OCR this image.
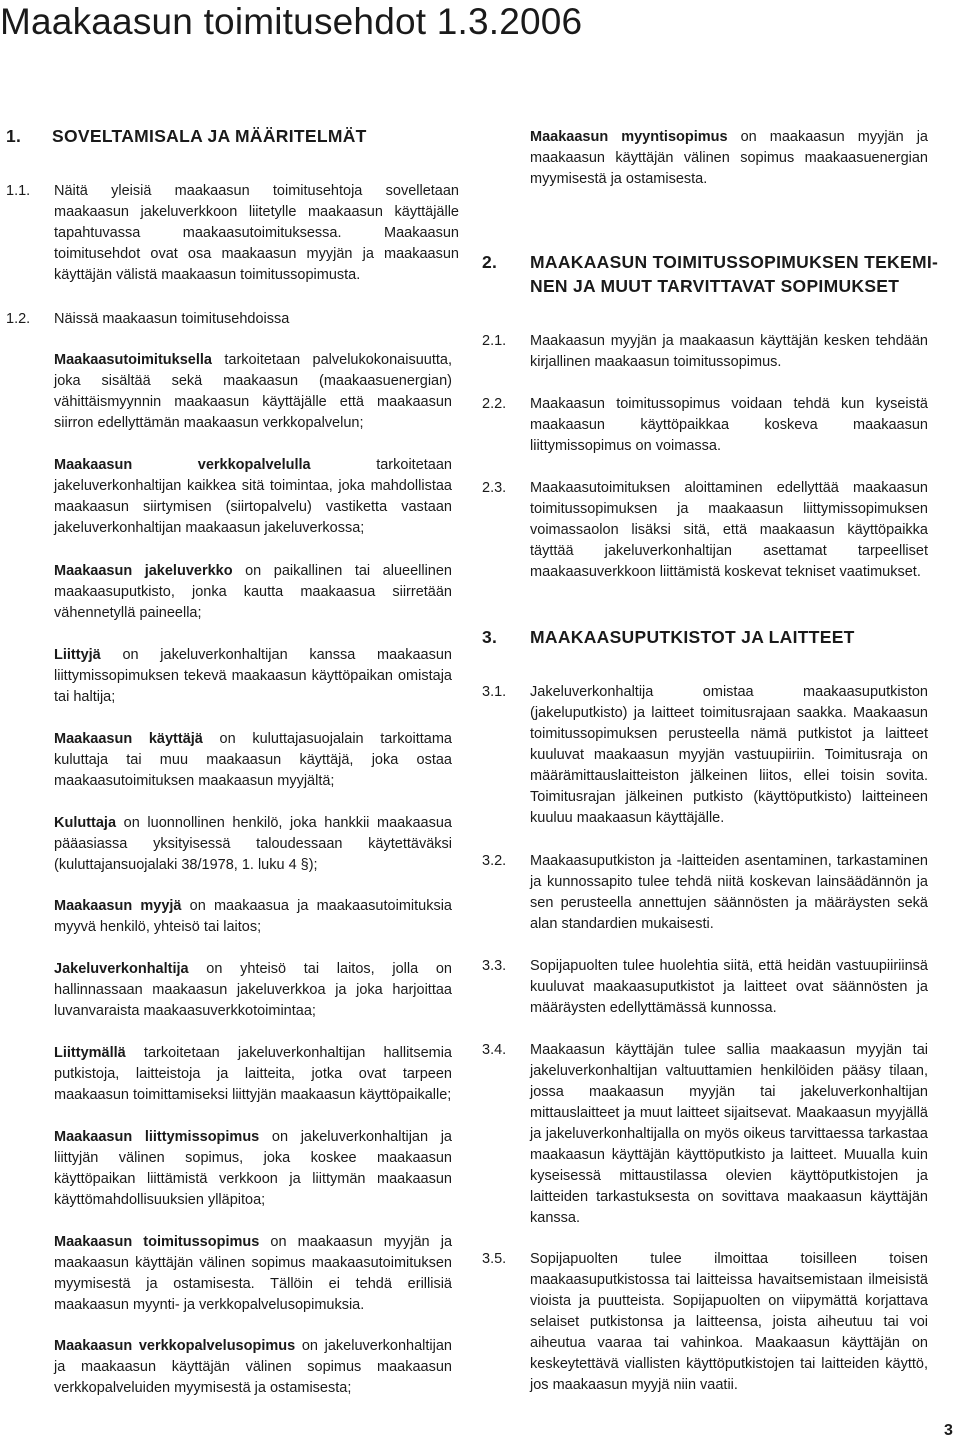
Maakaasun toimitusehdot 1.3.2006
1. SOVELTAMISALA JA MÄÄRITELMÄT
1.1. Näitä yleisiä maakaasun toimitusehtoja sovelletaan maakaasun jakeluverkkoon liitetylle maakaasun käyttäjälle tapahtuvassa maakaasutoimituksessa. Maakaasun toimitusehdot ovat osa maakaasun myyjän ja maakaasun käyttäjän välistä maakaasun toimitussopimusta.

1.2. Näissä maakaasun toimitusehdoissa

Maakaasutoimituksella tarkoitetaan palvelukokonaisuutta, joka sisältää sekä maakaasun (maakaasuenergian) vähittäismyynnin maakaasun käyttäjälle että maakaasun siirron edellyttämän maakaasun verkkopalvelun;

Maakaasun verkkopalvelulla tarkoitetaan jakeluverkonhaltijan kaikkea sitä toimintaa, joka mahdollistaa maakaasun siirtymisen (siirtopalvelu) vastiketta vastaan jakeluverkonhaltijan maakaasun jakeluverkossa;

Maakaasun jakeluverkko on paikallinen tai alueellinen maakaasuputkisto, jonka kautta maakaasua siirretään vähennetyllä paineella;

Liittyjä on jakeluverkonhaltijan kanssa maakaasun liittymissopimuksen tekevä maakaasun käyttöpaikan omistaja tai haltija;

Maakaasun käyttäjä on kuluttajasuojalain tarkoittama kuluttaja tai muu maakaasun käyttäjä, joka ostaa maakaasutoimituksen maakaasun myyjältä;

Kuluttaja on luonnollinen henkilö, joka hankkii maakaasua pääasiassa yksityisessä taloudessaan käytettäväksi (kuluttajansuojalaki 38/1978, 1. luku 4 §);

Maakaasun myyjä on maakaasua ja maakaasutoimituksia myyvä henkilö, yhteisö tai laitos;

Jakeluverkonhaltija on yhteisö tai laitos, jolla on hallinnassaan maakaasun jakeluverkkoa ja joka harjoittaa luvanvaraista maakaasuverkkotoimintaa;

Liittymällä tarkoitetaan jakeluverkonhaltijan hallitsemia putkistoja, laitteistoja ja laitteita, jotka ovat tarpeen maakaasun toimittamiseksi liittyjän maakaasun käyttöpaikalle;

Maakaasun liittymissopimus on jakeluverkonhaltijan ja liittyjän välinen sopimus, joka koskee maakaasun käyttöpaikan liittämistä verkkoon ja liittymän maakaasun käyttömahdollisuuksien ylläpitoa;

Maakaasun toimitussopimus on maakaasun myyjän ja maakaasun käyttäjän välinen sopimus maakaasutoimituksen myymisestä ja ostamisesta. Tällöin ei tehdä erillisiä maakaasun myynti- ja verkkopalvelusopimuksia.

Maakaasun verkkopalvelusopimus on jakeluverkonhaltijan ja maakaasun käyttäjän välinen sopimus maakaasun verkkopalveluiden myymisestä ja ostamisesta;

Maakaasun myyntisopimus on maakaasun myyjän ja maakaasun käyttäjän välinen sopimus maakaasuenergian myymisestä ja ostamisesta.

2. MAAKAASUN TOIMITUSSOPIMUKSEN TEKEMI-
NEN JA MUUT TARVITTAVAT SOPIMUKSET
2.1. Maakaasun myyjän ja maakaasun käyttäjän kesken tehdään kirjallinen maakaasun toimitussopimus.

2.2. Maakaasun toimitussopimus voidaan tehdä kun kyseistä maakaasun käyttöpaikkaa koskeva maakaasun liittymissopimus on voimassa.

2.3. Maakaasutoimituksen aloittaminen edellyttää maakaasun toimitussopimuksen ja maakaasun liittymissopimuksen voimassaolon lisäksi sitä, että maakaasun käyttöpaikka täyttää jakeluverkonhaltijan asettamat tarpeelliset maakaasuverkkoon liittämistä koskevat tekniset vaatimukset.

3. MAAKAASUPUTKISTOT JA LAITTEET
3.1. Jakeluverkonhaltija omistaa maakaasuputkiston (jakeluputkisto) ja laitteet toimitusrajaan saakka. Maakaasun toimitussopimuksen perusteella nämä putkistot ja laitteet kuuluvat maakaasun myyjän vastuupiiriin. Toimitusraja on määrämittauslaitteiston jälkeinen liitos, ellei toisin sovita. Toimitusrajan jälkeinen putkisto (käyttöputkisto) laitteineen kuuluu maakaasun käyttäjälle.

3.2. Maakaasuputkiston ja -laitteiden asentaminen, tarkastaminen ja kunnossapito tulee tehdä niitä koskevan lainsäädännön ja sen perusteella annettujen säännösten ja määräysten sekä alan standardien mukaisesti.

3.3. Sopijapuolten tulee huolehtia siitä, että heidän vastuupiiriinsä kuuluvat maakaasuputkistot ja laitteet ovat säännösten ja määräysten edellyttämässä kunnossa.

3.4. Maakaasun käyttäjän tulee sallia maakaasun myyjän tai jakeluverkonhaltijan valtuuttamien henkilöiden pääsy tilaan, jossa maakaasun myyjän tai jakeluverkonhaltijan mittauslaitteet ja muut laitteet sijaitsevat. Maakaasun myyjällä ja jakeluverkonhaltijalla on myös oikeus tarvittaessa tarkastaa maakaasun käyttäjän käyttöputkisto ja laitteet. Muualla kuin kyseisessä mittaustilassa olevien käyttöputkistojen ja laitteiden tarkastuksesta on sovittava maakaasun käyttäjän kanssa.

3.5. Sopijapuolten tulee ilmoittaa toisilleen toisen maakaasuputkistossa tai laitteissa havaitsemistaan ilmeisistä vioista ja puutteista. Sopijapuolten on viipymättä korjattava selaiset putkistonsa ja laitteensa, joista aiheutuu tai voi aiheutua vaaraa tai vahinkoa. Maakaasun käyttäjän on keskeytettävä viallisten käyttöputkistojen tai laitteiden käyttö, jos maakaasun myyjä niin vaatii.

3
